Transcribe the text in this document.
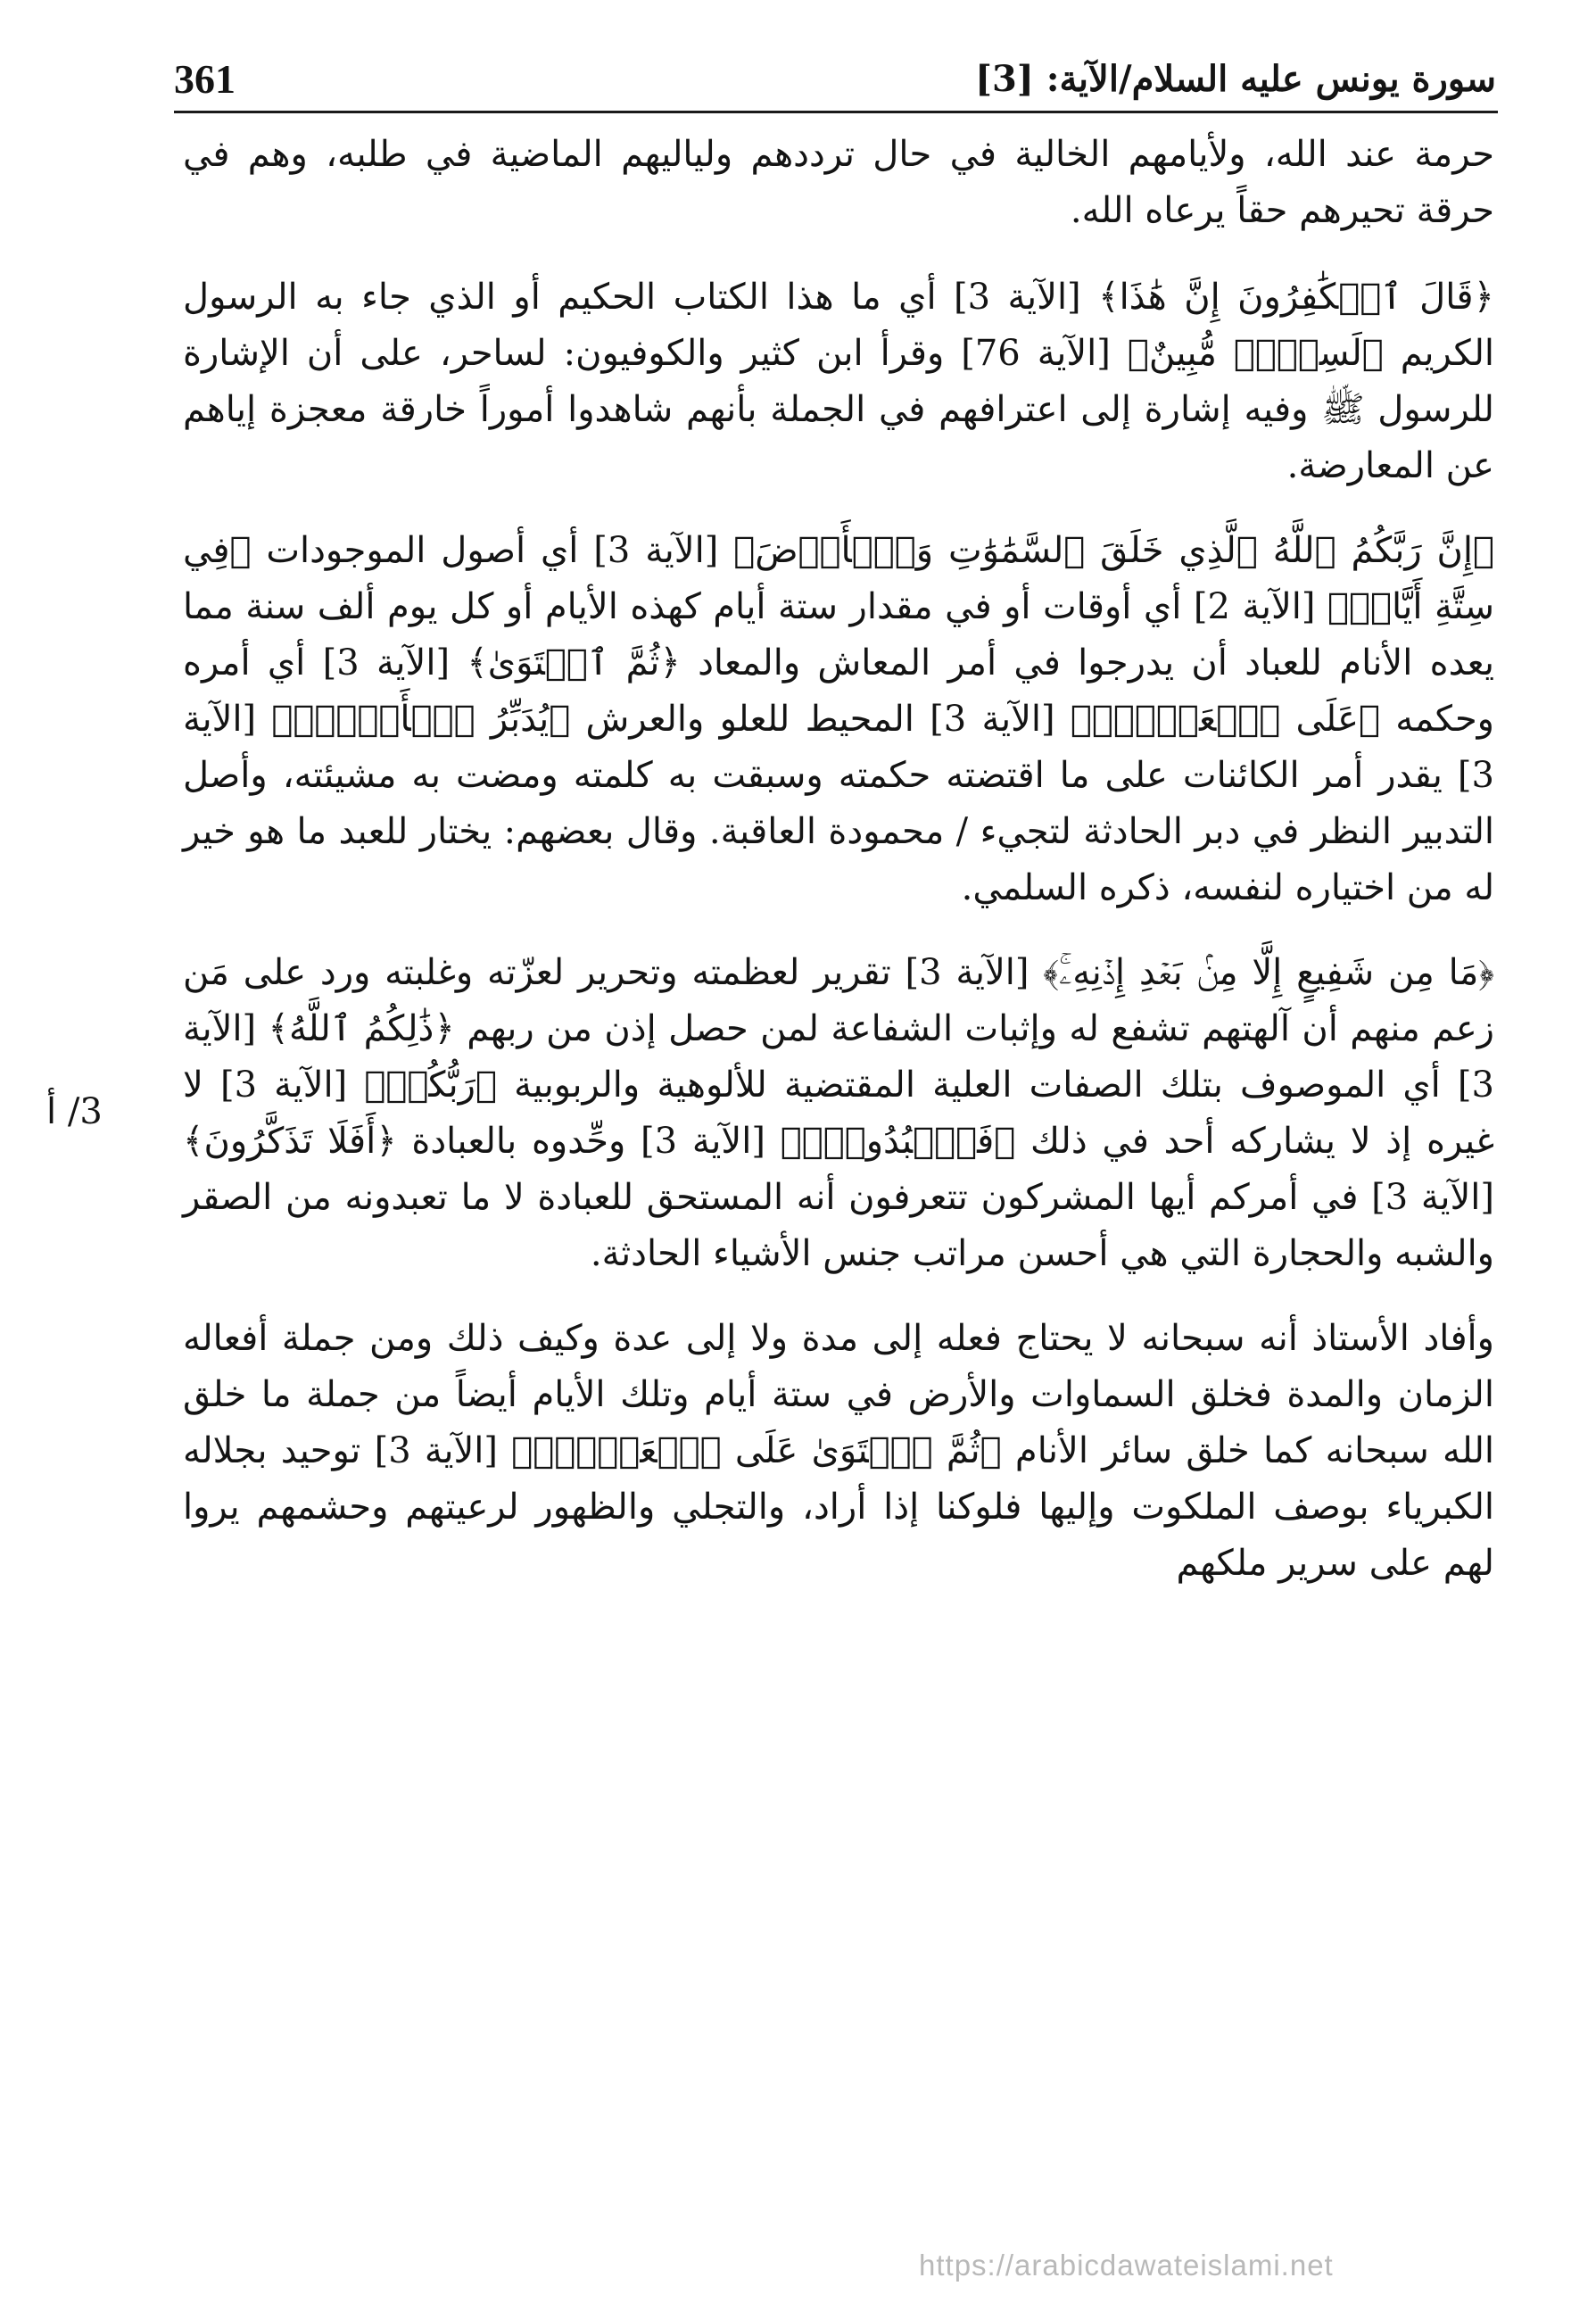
سورة يونس عليه السلام/الآية: [3]
361

حرمة عند الله، ولأيامهم الخالية في حال ترددهم ولياليهم الماضية في طلبه، وهم في حرقة تحيرهم حقاً يرعاه الله.

﴿قَالَ ٱلۡكَٰفِرُونَ إِنَّ هَٰذَا﴾ [الآية 3] أي ما هذا الكتاب الحكيم أو الذي جاء به الرسول الكريم ﴿لَسِحۡرٞ مُّبِينٌ﴾ [الآية 76] وقرأ ابن كثير والكوفيون: لساحر، على أن الإشارة للرسول ﷺ وفيه إشارة إلى اعترافهم في الجملة بأنهم شاهدوا أموراً خارقة معجزة إياهم عن المعارضة.

﴿إِنَّ رَبَّكُمُ ٱللَّهُ ٱلَّذِي خَلَقَ ٱلسَّمَٰوَٰتِ وَٱلۡأَرۡضَ﴾ [الآية 3] أي أصول الموجودات ﴿فِي سِتَّةِ أَيَّامٖ﴾ [الآية 2] أي أوقات أو في مقدار ستة أيام كهذه الأيام أو كل يوم ألف سنة مما يعده الأنام للعباد أن يدرجوا في أمر المعاش والمعاد ﴿ثُمَّ ٱسۡتَوَىٰ﴾ [الآية 3] أي أمره وحكمه ﴿عَلَى ٱلۡعَرۡشِۖ﴾ [الآية 3] المحيط للعلو والعرش ﴿يُدَبِّرُ ٱلۡأَمۡرَۖ﴾ [الآية 3] يقدر أمر الكائنات على ما اقتضته حكمته وسبقت به كلمته ومضت به مشيئته، وأصل التدبير النظر في دبر الحادثة لتجيء / محمودة العاقبة. وقال بعضهم: يختار للعبد ما هو خير له من اختياره لنفسه، ذكره السلمي.

﴿مَا مِن شَفِيعٍ إِلَّا مِنۢ بَعۡدِ إِذۡنِهِۦۚ﴾ [الآية 3] تقرير لعظمته وتحرير لعزّته وغلبته ورد على مَن زعم منهم أن آلهتهم تشفع له وإثبات الشفاعة لمن حصل إذن من ربهم ﴿ذَٰلِكُمُ ٱللَّهُ﴾ [الآية 3] أي الموصوف بتلك الصفات العلية المقتضية للألوهية والربوبية ﴿رَبُّكُمۡ﴾ [الآية 3] لا غيره إذ لا يشاركه أحد في ذلك ﴿فَٱعۡبُدُوهُۚ﴾ [الآية 3] وحِّدوه بالعبادة ﴿أَفَلَا تَذَكَّرُونَ﴾ [الآية 3] في أمركم أيها المشركون تتعرفون أنه المستحق للعبادة لا ما تعبدونه من الصقر والشبه والحجارة التي هي أحسن مراتب جنس الأشياء الحادثة.

وأفاد الأستاذ أنه سبحانه لا يحتاج فعله إلى مدة ولا إلى عدة وكيف ذلك ومن جملة أفعاله الزمان والمدة فخلق السماوات والأرض في ستة أيام وتلك الأيام أيضاً من جملة ما خلق الله سبحانه كما خلق سائر الأنام ﴿ثُمَّ ٱسۡتَوَىٰ عَلَى ٱلۡعَرۡشِۖ﴾ [الآية 3] توحيد بجلاله الكبرياء بوصف الملكوت وإليها فلوكنا إذا أراد، والتجلي والظهور لرعيتهم وحشمهم يروا لهم على سرير ملكهم

3/ أ
https://arabicdawateislami.net
